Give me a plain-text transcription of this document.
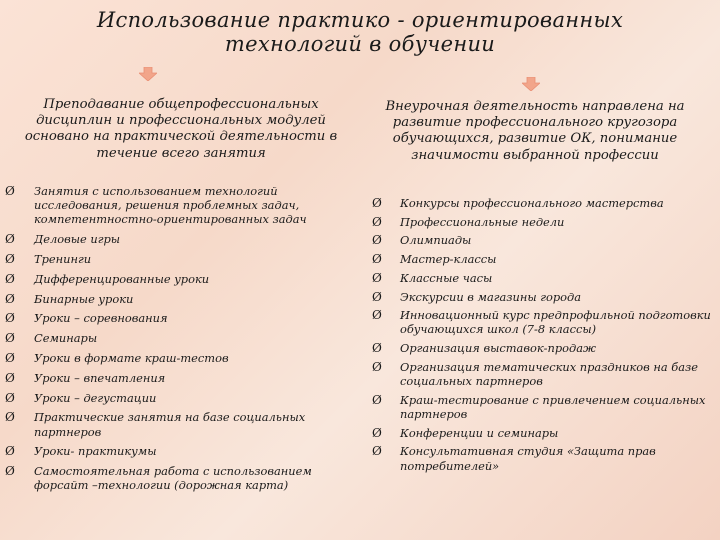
Использование практико - ориентированных
технологий в обучении
Преподавание общепрофессиональных дисциплин и профессиональных модулей основано на практической деятельности в течение всего занятия
Внеурочная деятельность направлена на развитие профессионального кругозора обучающихся, развитие ОК, понимание значимости выбранной профессии
Ø Занятия с использованием технологий исследования, решения проблемных задач, компетентностно-ориентированных задач
Ø Деловые игры
Ø Тренинги
Ø Дифференцированные уроки
Ø Бинарные уроки
Ø Уроки – соревнования
Ø Семинары
Ø Уроки в формате краш-тестов
Ø Уроки – впечатления
Ø Уроки – дегустации
Ø Практические занятия на базе социальных партнеров
Ø Уроки- практикумы
Ø Самостоятельная работа с использованием форсайт –технологии (дорожная карта)
Ø Конкурсы профессионального мастерства
Ø Профессиональные недели
Ø Олимпиады
Ø Мастер-классы
Ø Классные часы
Ø Экскурсии в магазины города
Ø Инновационный курс предпрофильной подготовки обучающихся школ (7-8 классы)
Ø Организация выставок-продаж
Ø Организация тематических праздников на базе социальных партнеров
Ø Краш-тестирование с привлечением социальных партнеров
Ø Конференции и семинары
Ø Консультативная студия «Защита прав потребителей»
